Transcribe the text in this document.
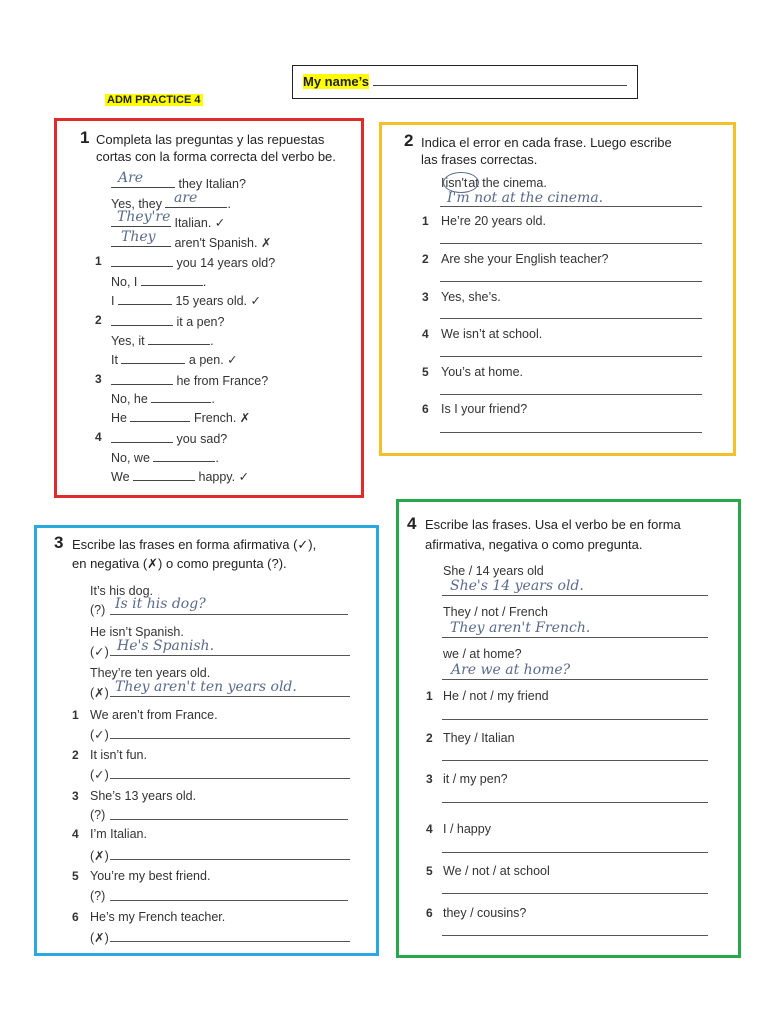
My name’s
ADM PRACTICE 4
1 Completa las preguntas y las repuestas
cortas con la forma correcta del verbo be.
they Italian?
Are
Yes, they	.
are
Italian. ✓
They're
aren't Spanish. ✗
They
1	you 14 years old?
No, I	.
I	15 years old. ✓
2	it a pen?
Yes, it	.
It	a pen. ✓
3	he from France?
No, he	.
He	French. ✗
4	you sad?
No, we	.
We	happy. ✓
2 Indica el error en cada frase. Luego escribe
las frases correctas.
Iisn'tat the cinema.
I'm not at the cinema.
1 He’re 20 years old.
2 Are she your English teacher?
3 Yes, she’s.
4 We isn’t at school.
5 You’s at home.
6 Is I your friend?
3 Escribe las frases en forma afirmativa (✓),
en negativa (✗) o como pregunta (?).
It’s his dog.
(?) Is it his dog?
He isn’t Spanish.
(✓) He's Spanish.
They’re ten years old.
(✗) They aren't ten years old.
1 We aren’t from France.
(✓)
2 It isn’t fun.
(✓)
3 She’s 13 years old.
(?)
4 I’m Italian.
(✗)
5 You’re my best friend.
(?)
6 He’s my French teacher.
(✗)
4 Escribe las frases. Usa el verbo be en forma
afirmativa, negativa o como pregunta.
She / 14 years old
She's 14 years old.
They / not / French
They aren't French.
we / at home?
Are we at home?
1 He / not / my friend
2 They / Italian
3 it / my pen?
4 I / happy
5 We / not / at school
6 they / cousins?
